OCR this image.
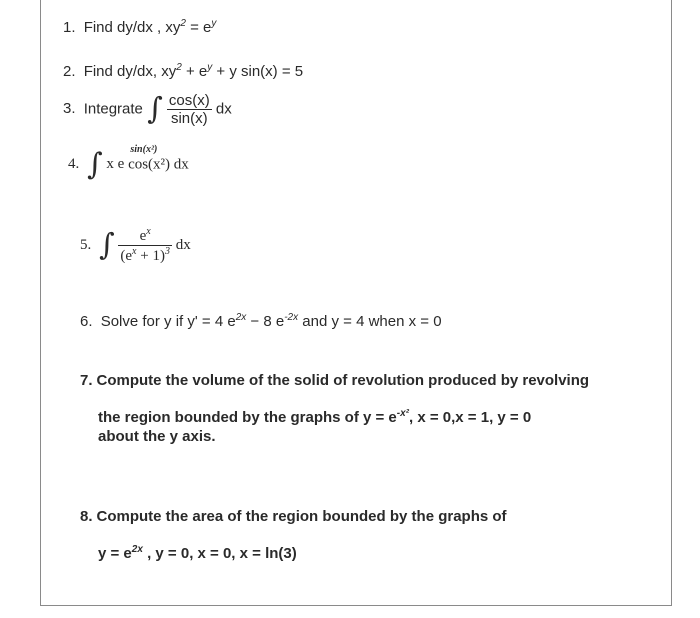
1. Find dy/dx , $xy^2 = e^y$
2. Find dy/dx, $xy^2 + e^y + y$ sin(x) = 5
3. Integrate ∫ $\frac{\cos(x)}{\sin(x)}$ dx
4. ∫ x e
sin(x²)
cos(x²) dx
5. ∫ $\frac{e^x}{(e^x + 1)^3}$ dx
6. Solve for y if y' = 4 $e^{2x} - 8$ $e^{-2x}$ and y = 4 when x = 0
7. Compute the volume of the solid of revolution produced by revolving
the region bounded by the graphs of $y = e^{-x^2}$, x = 0,x = 1, y = 0
about the y axis.
8. Compute the area of the region bounded by the graphs of
$y = e^{2x}$ , y = 0, x = 0, x = ln(3)
